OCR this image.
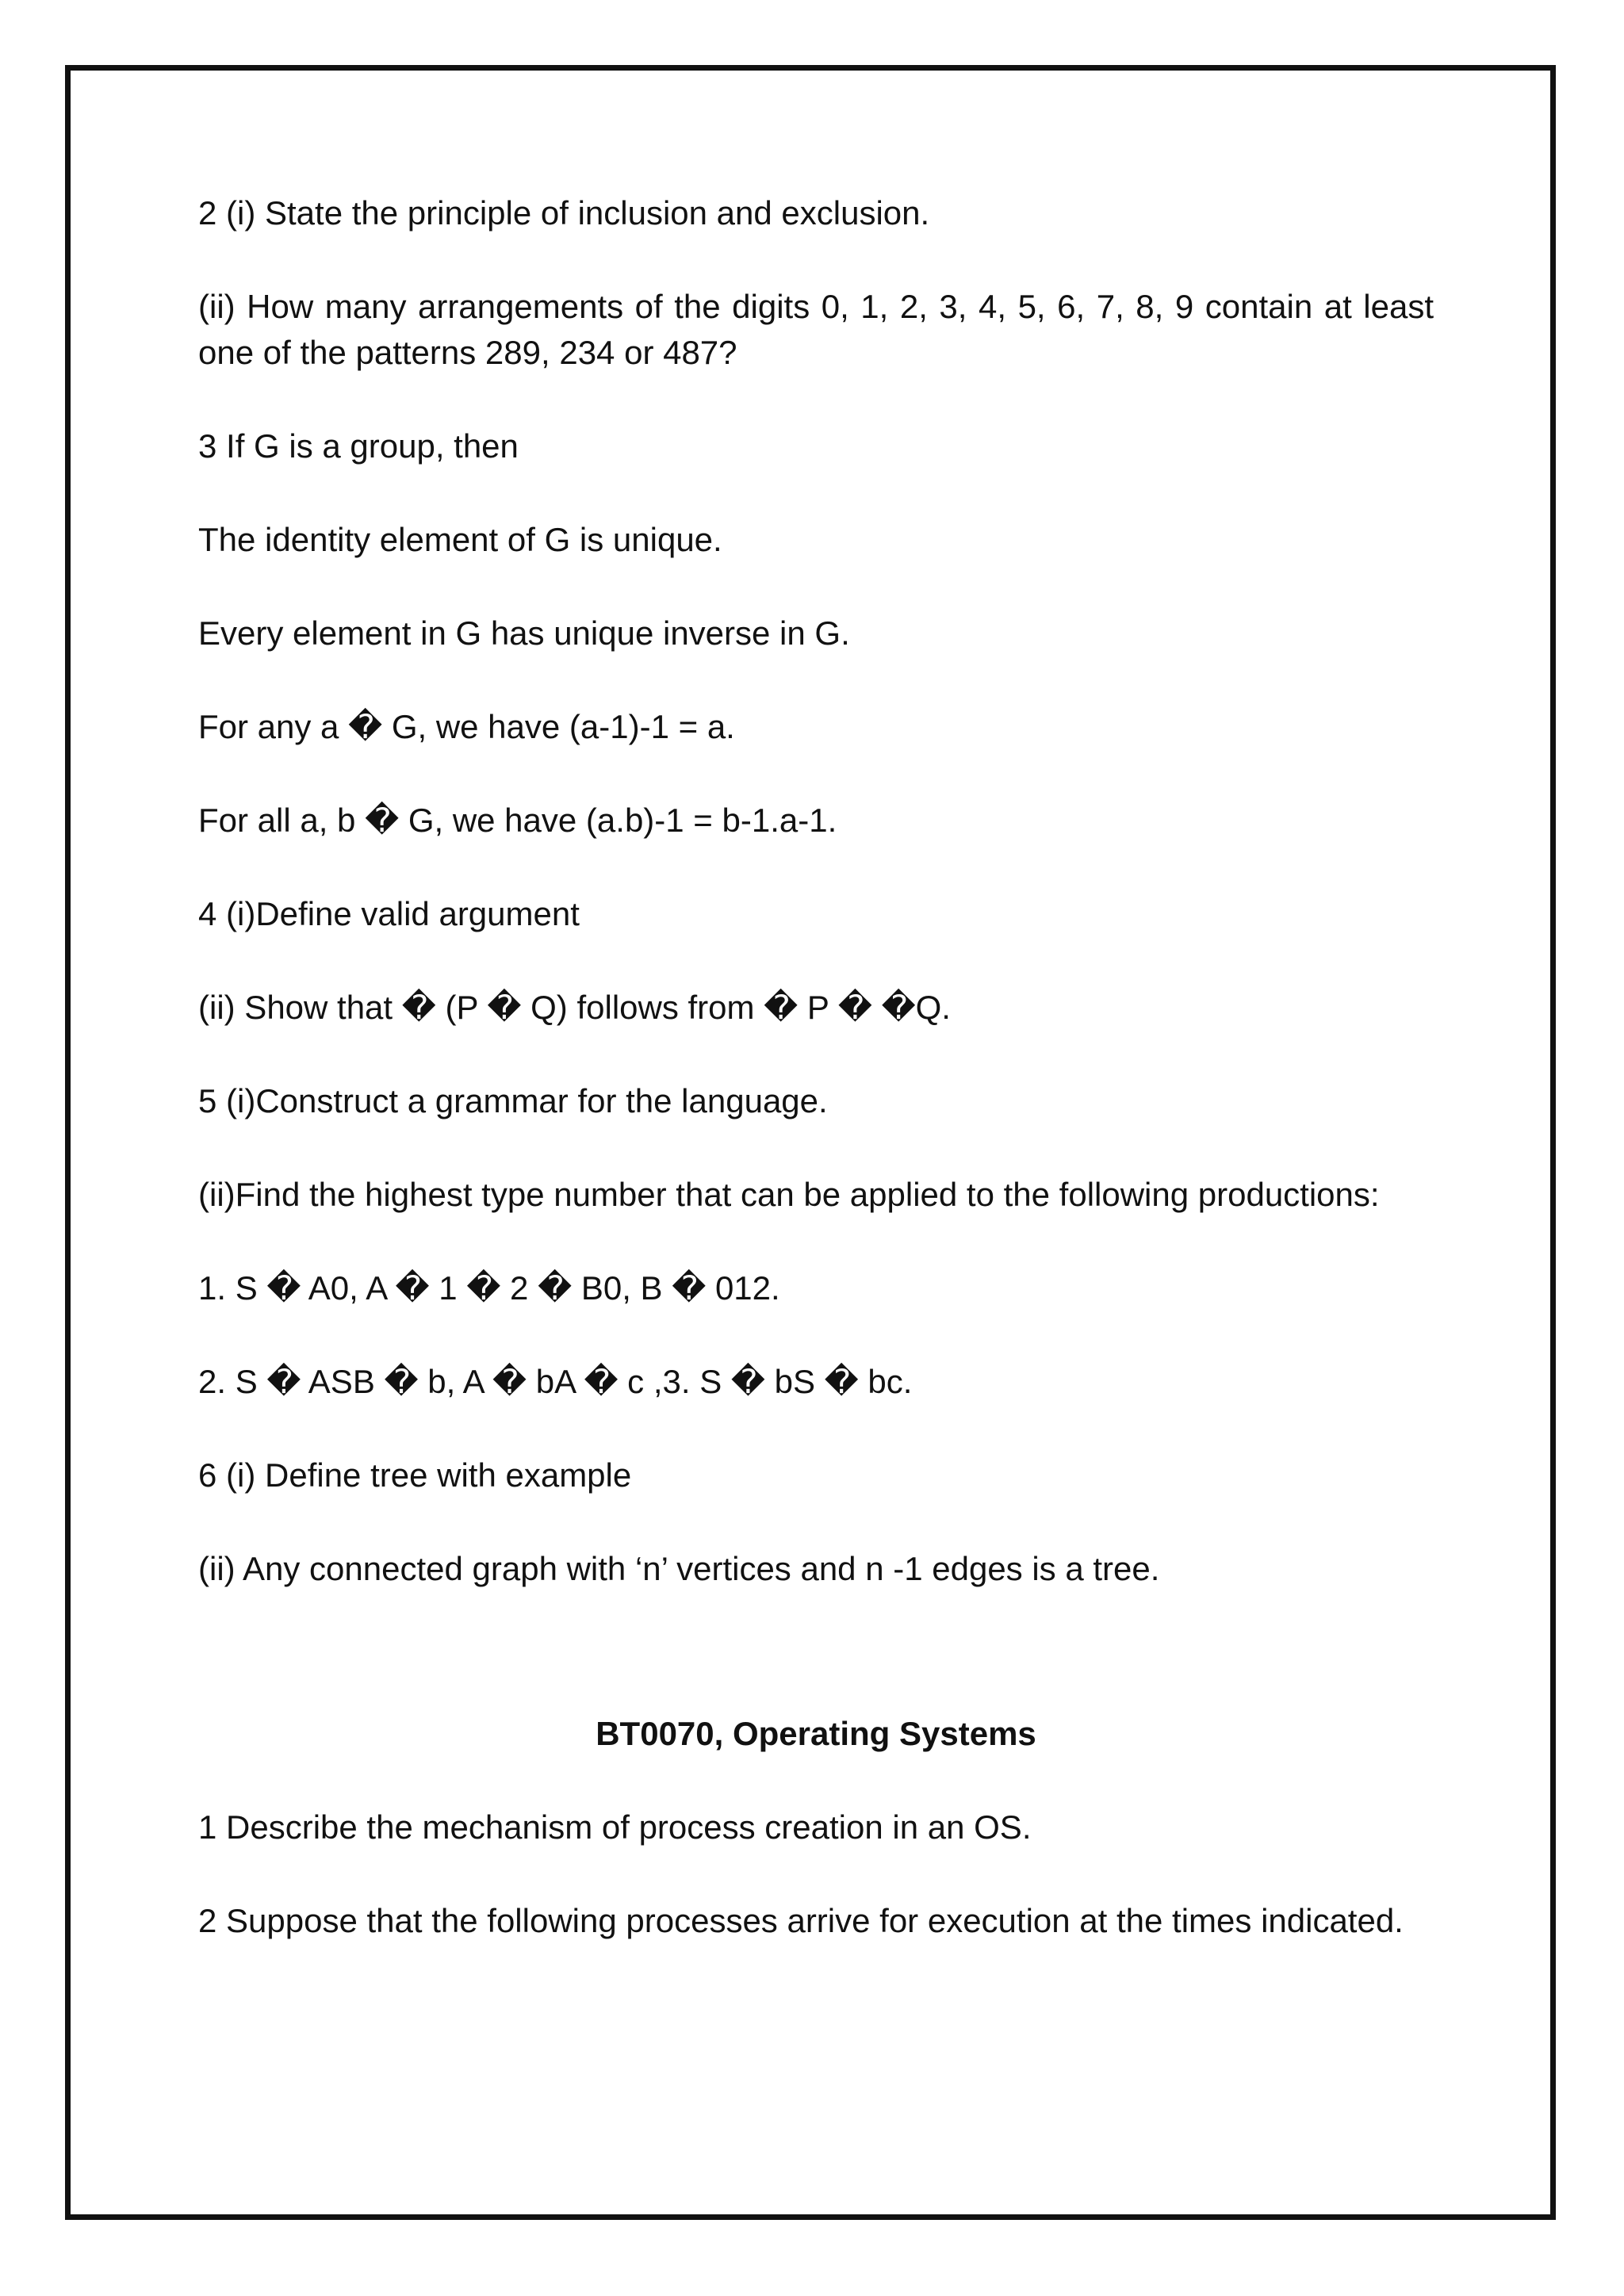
2 (i) State the principle of inclusion and exclusion.

(ii) How many arrangements of the digits 0, 1, 2, 3, 4, 5, 6, 7, 8, 9 contain at least one of the patterns 289, 234 or 487?

3 If G is a group, then

The identity element of G is unique.

Every element in G has unique inverse in G.

For any a � G, we have (a-1)-1 = a.

For all a, b � G, we have (a.b)-1 = b-1.a-1.

4 (i)Define valid argument

(ii) Show that � (P � Q) follows from � P � �Q.

5 (i)Construct a grammar for the language.

(ii)Find the highest type number that can be applied to the following productions:

1. S � A0, A � 1 � 2 � B0, B � 012.

2. S � ASB � b, A � bA � c ,3. S � bS � bc.

6 (i) Define tree with example

(ii) Any connected graph with ‘n’ vertices and n -1 edges is a tree.

BT0070, Operating Systems

1 Describe the mechanism of process creation in an OS.

2 Suppose that the following processes arrive for execution at the times indicated.
